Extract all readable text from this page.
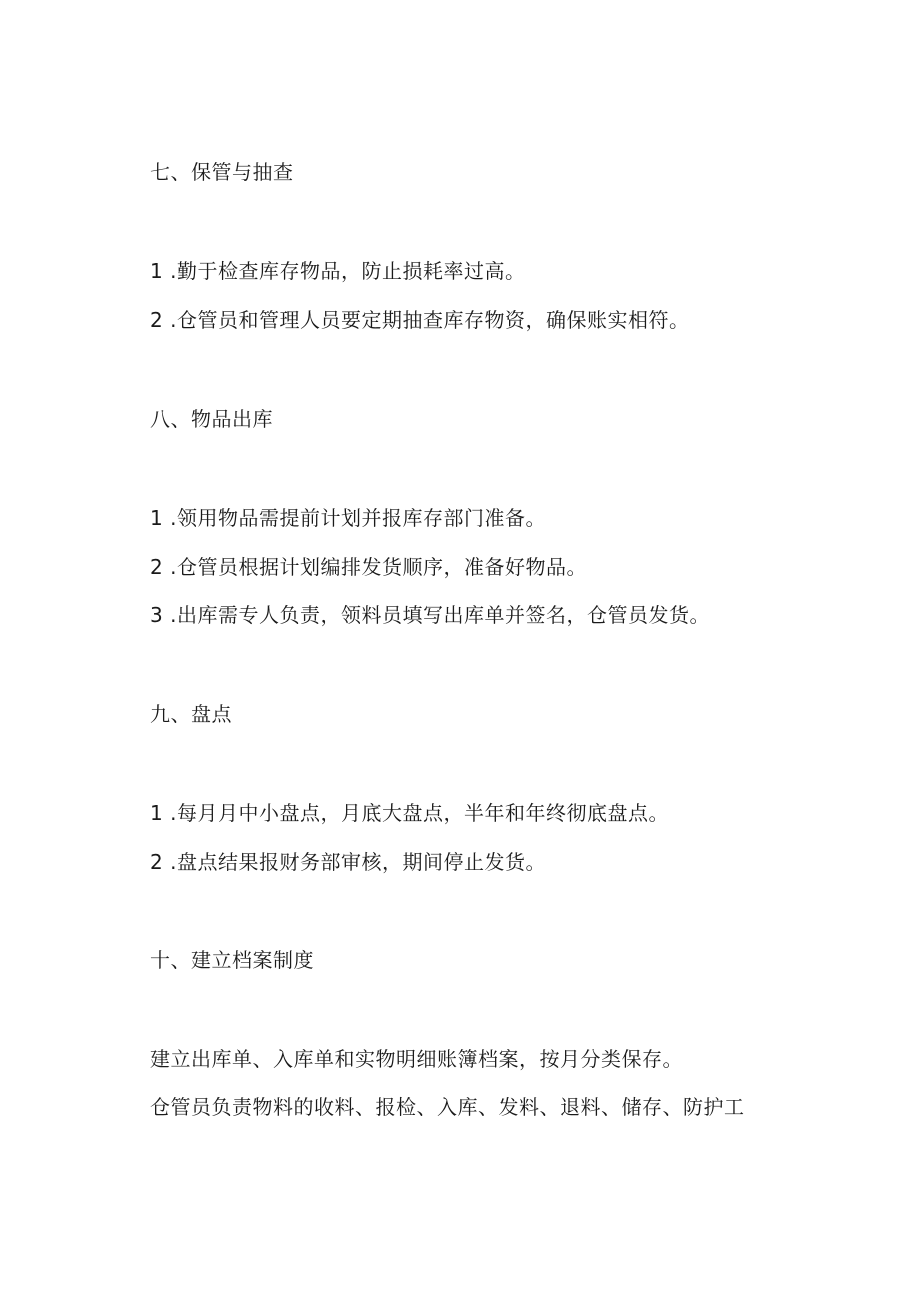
七、保管与抽查
1 .勤于检查库存物品，防止损耗率过高。
2 .仓管员和管理人员要定期抽查库存物资，确保账实相符。
八、物品出库
1 .领用物品需提前计划并报库存部门准备。
2 .仓管员根据计划编排发货顺序，准备好物品。
3 .出库需专人负责，领料员填写出库单并签名，仓管员发货。
九、盘点
1 .每月月中小盘点，月底大盘点，半年和年终彻底盘点。
2 .盘点结果报财务部审核，期间停止发货。
十、建立档案制度
建立出库单、入库单和实物明细账簿档案，按月分类保存。
仓管员负责物料的收料、报检、入库、发料、退料、储存、防护工
